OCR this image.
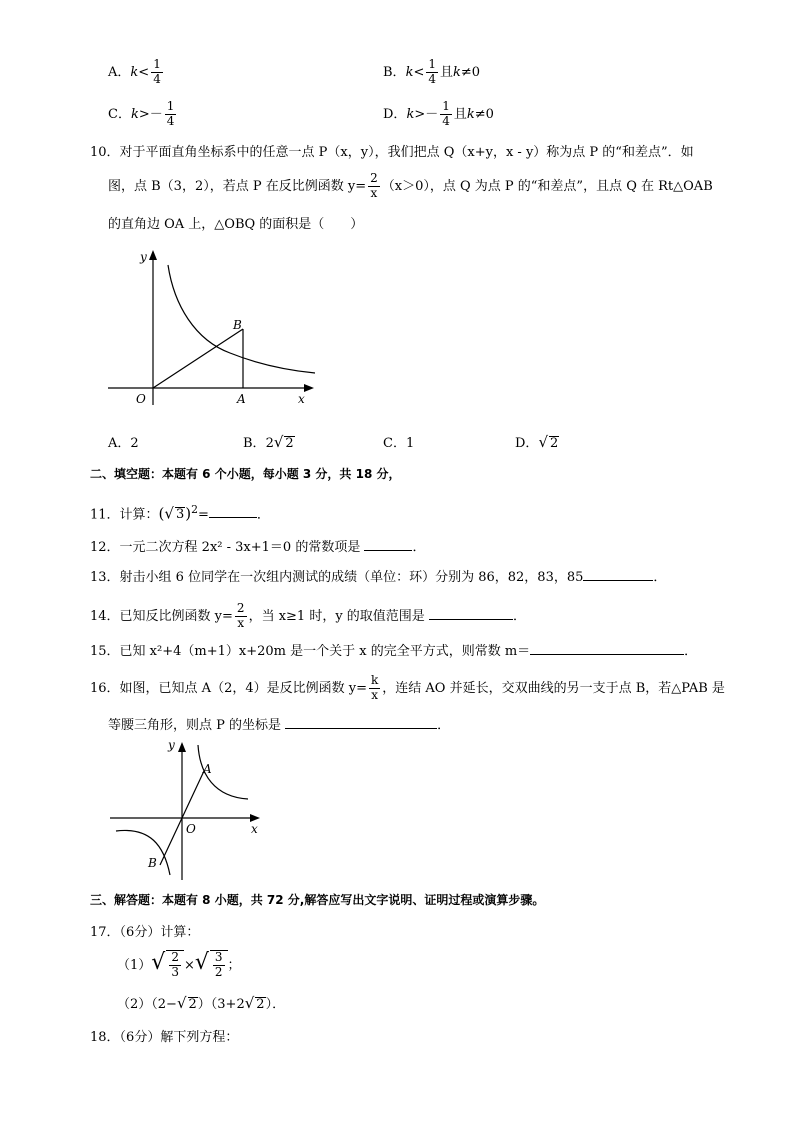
A．$k< \frac{1}{4}$	B．$k< \frac{1}{4}$ 且k≠0
C．$k>- \frac{1}{4}$	D．$k>- \frac{1}{4}$ 且k≠0
10．对于平面直角坐标系中的任意一点 P（x，y），我们把点 Q（x+y，x - y）称为点 P 的“和差点”．如
图，点 B（3，2），若点 P 在反比例函数 $y= \frac{2}{x} (x>0)$，点 Q 为点 P 的“和差点”，且点 Q 在 Rt△OAB
的直角边 OA 上，△OBQ 的面积是（　　）
y
x
O	A
B
A．2	B．2√ 2	C．1	D．√ 2
二、填空题：本题有 6 个小题，每小题 3 分，共 18 分，
11．计算：(√ 3)$^2$=	．
12．一元二次方程 2x² - 3x+1＝0 的常数项是	．
13．射击小组 6 位同学在一次组内测试的成绩（单位：环）分别为 86，82，83，85	．
14．已知反比例函数 $y= \frac{2}{x}$ ，当 x≥1 时，y 的取值范围是	．
15．已知 x²+4（m+1）x+20m 是一个关于 x 的完全平方式，则常数 m＝	．
16．如图，已知点 A（2，4）是反比例函数 $y= \frac{k}{x}$ ，连结 AO 并延长，交双曲线的另一支于点 B，若△PAB 是
等腰三角形，则点 P 的坐标是	．
y
x
O
A
B
三、解答题：本题有 8 小题，共 72 分,解答应写出文字说明、证明过程或演算步骤。
17．（6分）计算：
$(1)√ \frac{2}{3}$ ×√ $\frac{3}{2}$ ；
（2）（2−√ 2）（3+2√ 2）．
18．（6分）解下列方程：
